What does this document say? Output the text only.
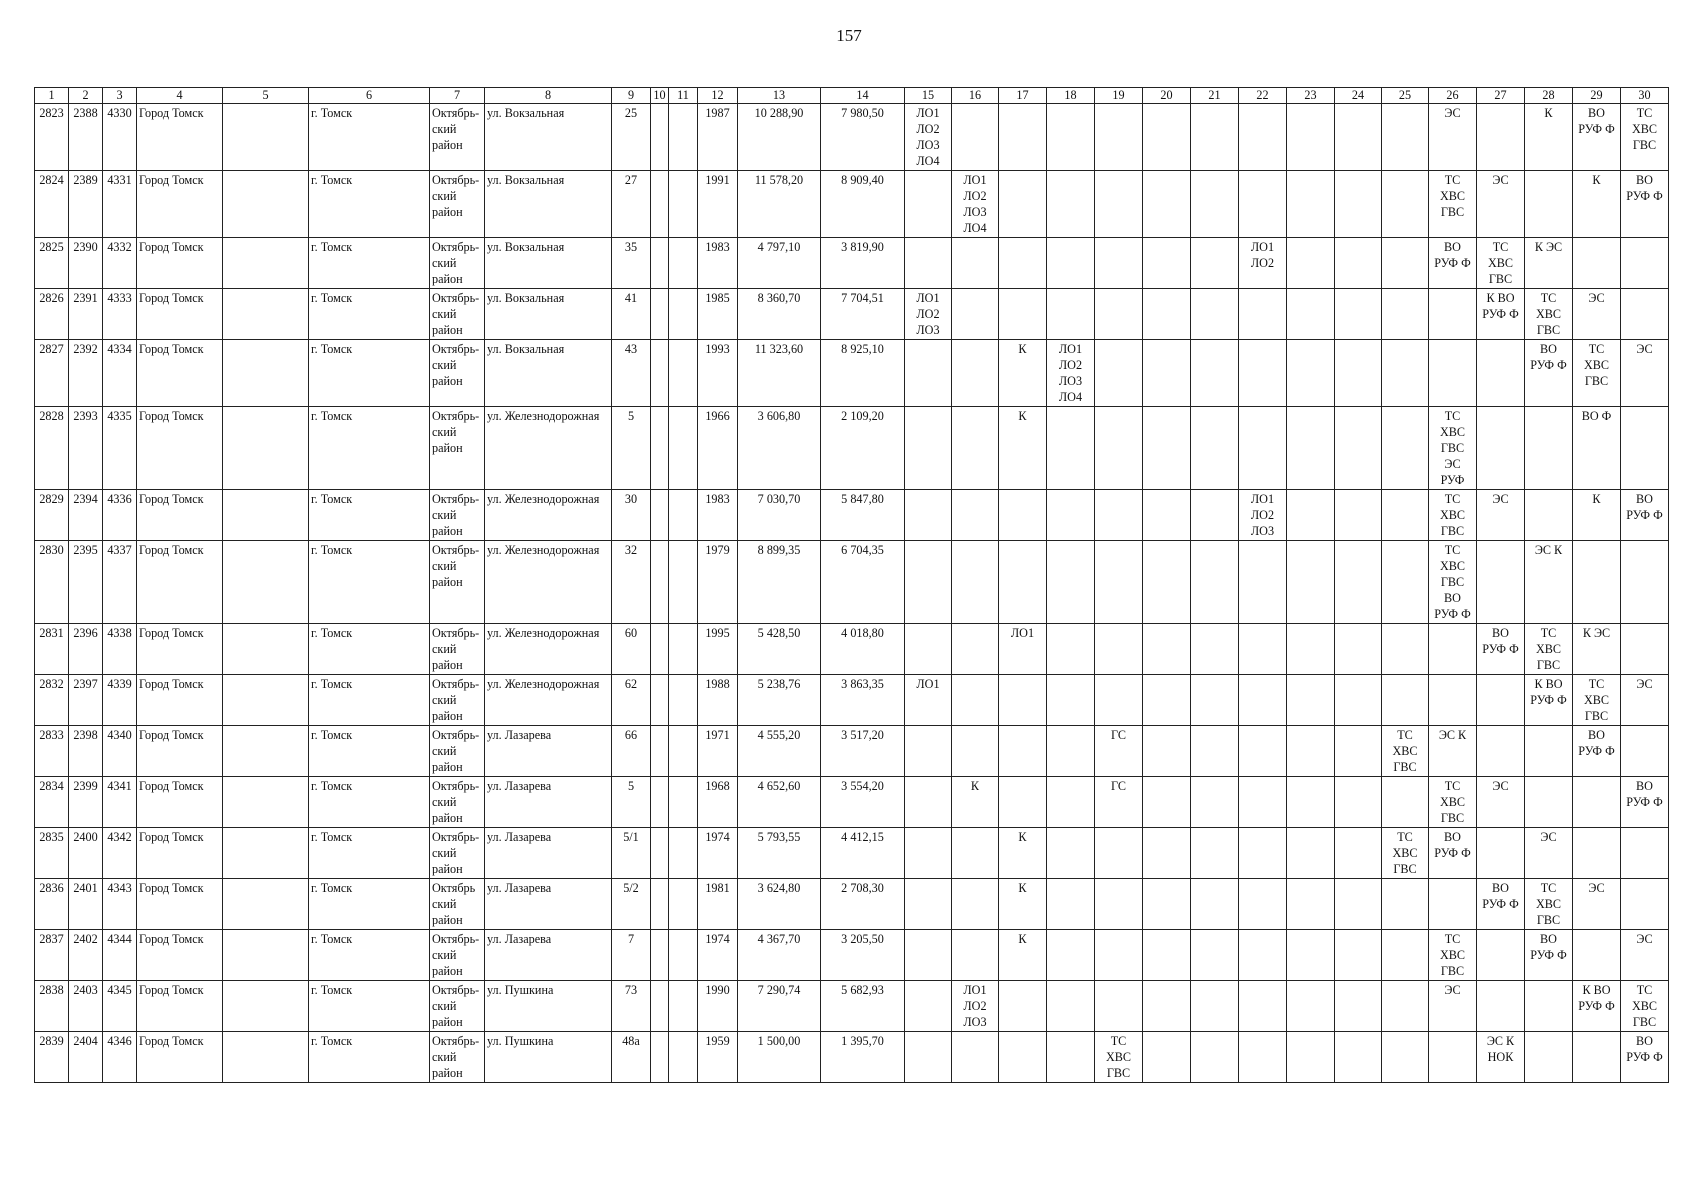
157
1	2	3	4	5	6	7	8	9	10	11	12	13	14	15	16	17	18	19	20	21	22	23	24	25	26	27	28	29	30
2823	2388	4330	Город Томск		г. Томск	Октябрь-
ский
район	ул. Вокзальная	25			1987	10 288,90	7 980,50	ЛО1
ЛО2
ЛО3
ЛО4											ЭС		К	ВО
РУФ Ф	ТС
ХВС
ГВС
2824	2389	4331	Город Томск		г. Томск	Октябрь-
ский
район	ул. Вокзальная	27			1991	11 578,20	8 909,40		ЛО1
ЛО2
ЛО3
ЛО4										ТС
ХВС
ГВС	ЭС		К	ВО
РУФ Ф
2825	2390	4332	Город Томск		г. Томск	Октябрь-
ский
район	ул. Вокзальная	35			1983	4 797,10	3 819,90								ЛО1
ЛО2				ВО
РУФ Ф	ТС
ХВС
ГВС	К ЭС		
2826	2391	4333	Город Томск		г. Томск	Октябрь-
ский
район	ул. Вокзальная	41			1985	8 360,70	7 704,51	ЛО1
ЛО2
ЛО3												К ВО
РУФ Ф	ТС
ХВС
ГВС	ЭС	
2827	2392	4334	Город Томск		г. Томск	Октябрь-
ский
район	ул. Вокзальная	43			1993	11 323,60	8 925,10			К	ЛО1
ЛО2
ЛО3
ЛО4										ВО
РУФ Ф	ТС
ХВС
ГВС	ЭС
2828	2393	4335	Город Томск		г. Томск	Октябрь-
ский
район	ул. Железнодорожная	5			1966	3 606,80	2 109,20			К									ТС
ХВС
ГВС
ЭС
РУФ			ВО Ф	
2829	2394	4336	Город Томск		г. Томск	Октябрь-
ский
район	ул. Железнодорожная	30			1983	7 030,70	5 847,80								ЛО1
ЛО2
ЛО3				ТС
ХВС
ГВС	ЭС		К	ВО
РУФ Ф
2830	2395	4337	Город Томск		г. Томск	Октябрь-
ский
район	ул. Железнодорожная	32			1979	8 899,35	6 704,35												ТС
ХВС
ГВС
ВО
РУФ Ф		ЭС К		
2831	2396	4338	Город Томск		г. Томск	Октябрь-
ский
район	ул. Железнодорожная	60			1995	5 428,50	4 018,80			ЛО1										ВО
РУФ Ф	ТС
ХВС
ГВС	К ЭС	
2832	2397	4339	Город Томск		г. Томск	Октябрь-
ский
район	ул. Железнодорожная	62			1988	5 238,76	3 863,35	ЛО1													К ВО
РУФ Ф	ТС
ХВС
ГВС	ЭС
2833	2398	4340	Город Томск		г. Томск	Октябрь-
ский
район	ул. Лазарева	66			1971	4 555,20	3 517,20					ГС						ТС
ХВС
ГВС	ЭС К			ВО
РУФ Ф	
2834	2399	4341	Город Томск		г. Томск	Октябрь-
ский
район	ул. Лазарева	5			1968	4 652,60	3 554,20		К			ГС							ТС
ХВС
ГВС	ЭС			ВО
РУФ Ф
2835	2400	4342	Город Томск		г. Томск	Октябрь-
ский
район	ул. Лазарева	5/1			1974	5 793,55	4 412,15			К								ТС
ХВС
ГВС	ВО
РУФ Ф		ЭС		
2836	2401	4343	Город Томск		г. Томск	Октябрь
ский
район	ул. Лазарева	5/2			1981	3 624,80	2 708,30			К										ВО
РУФ Ф	ТС
ХВС
ГВС	ЭС	
2837	2402	4344	Город Томск		г. Томск	Октябрь-
ский
район	ул. Лазарева	7			1974	4 367,70	3 205,50			К									ТС
ХВС
ГВС		ВО
РУФ Ф		ЭС
2838	2403	4345	Город Томск		г. Томск	Октябрь-
ский
район	ул. Пушкина	73			1990	7 290,74	5 682,93		ЛО1
ЛО2
ЛО3										ЭС			К ВО
РУФ Ф	ТС
ХВС
ГВС
2839	2404	4346	Город Томск		г. Томск	Октябрь-
ский
район	ул. Пушкина	48а			1959	1 500,00	1 395,70					ТС
ХВС
ГВС								ЭС К
НОК			ВО
РУФ Ф
